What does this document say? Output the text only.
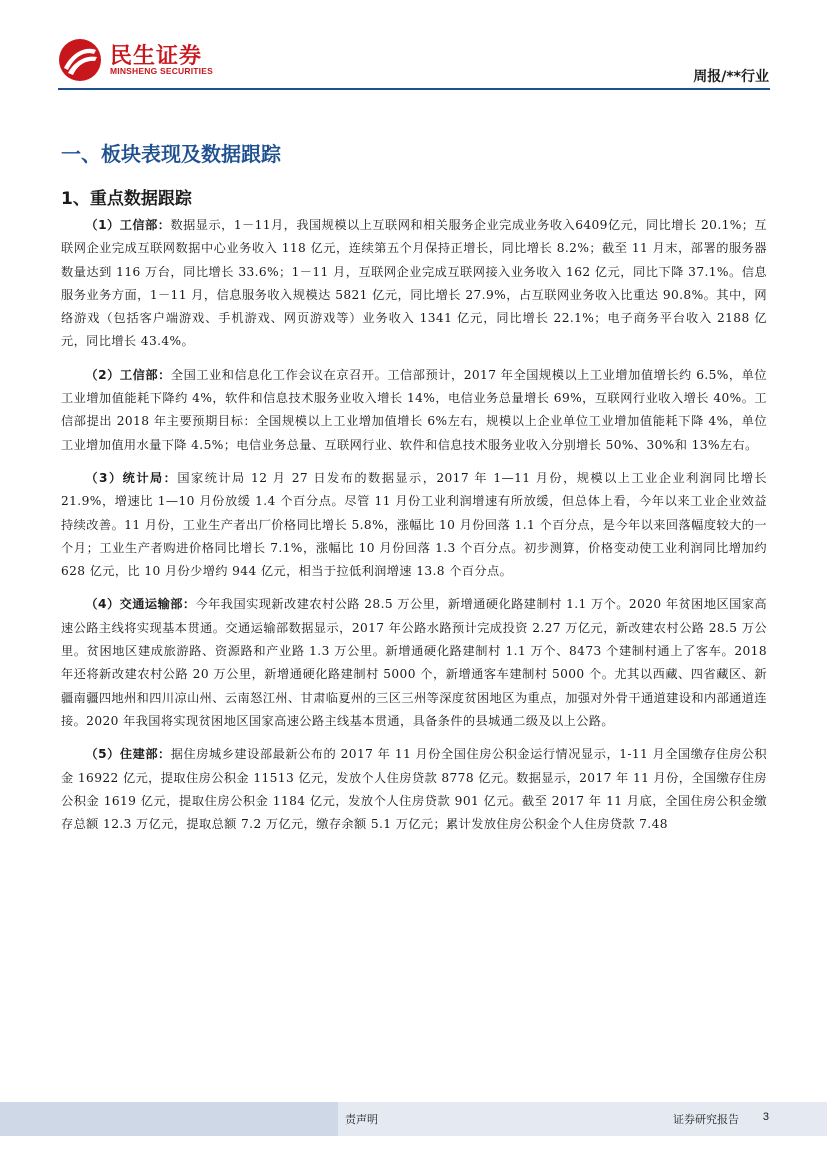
民生证券
MINSHENG SECURITIES	周报/**行业
一、板块表现及数据跟踪
1、重点数据跟踪

（1）工信部：数据显示，1－11月，我国规模以上互联网和相关服务企业完成业务收入6409亿元，同比增长 20.1%；互联网企业完成互联网数据中心业务收入 118 亿元，连续第五个月保持正增长，同比增长 8.2%；截至 11 月末，部署的服务器数量达到 116 万台，同比增长 33.6%；1－11 月，互联网企业完成互联网接入业务收入 162 亿元，同比下降 37.1%。信息服务业务方面，1－11 月，信息服务收入规模达 5821 亿元，同比增长 27.9%，占互联网业务收入比重达 90.8%。其中，网络游戏（包括客户端游戏、手机游戏、网页游戏等）业务收入 1341 亿元，同比增长 22.1%；电子商务平台收入 2188 亿元，同比增长 43.4%。

（2）工信部：全国工业和信息化工作会议在京召开。工信部预计，2017 年全国规模以上工业增加值增长约 6.5%，单位工业增加值能耗下降约 4%，软件和信息技术服务业收入增长 14%，电信业务总量增长 69%，互联网行业收入增长 40%。工信部提出 2018 年主要预期目标：全国规模以上工业增加值增长 6%左右，规模以上企业单位工业增加值能耗下降 4%，单位工业增加值用水量下降 4.5%；电信业务总量、互联网行业、软件和信息技术服务业收入分别增长 50%、30%和 13%左右。

（3）统计局：国家统计局 12 月 27 日发布的数据显示，2017 年 1—11 月份，规模以上工业企业利润同比增长 21.9%，增速比 1—10 月份放缓 1.4 个百分点。尽管 11 月份工业利润增速有所放缓，但总体上看，今年以来工业企业效益持续改善。11 月份，工业生产者出厂价格同比增长 5.8%，涨幅比 10 月份回落 1.1 个百分点，是今年以来回落幅度较大的一个月；工业生产者购进价格同比增长 7.1%，涨幅比 10 月份回落 1.3 个百分点。初步测算，价格变动使工业利润同比增加约 628 亿元，比 10 月份少增约 944 亿元，相当于拉低利润增速 13.8 个百分点。

（4）交通运输部：今年我国实现新改建农村公路 28.5 万公里，新增通硬化路建制村 1.1 万个。2020 年贫困地区国家高速公路主线将实现基本贯通。交通运输部数据显示，2017 年公路水路预计完成投资 2.27 万亿元，新改建农村公路 28.5 万公里。贫困地区建成旅游路、资源路和产业路 1.3 万公里。新增通硬化路建制村 1.1 万个、8473 个建制村通上了客车。2018 年还将新改建农村公路 20 万公里，新增通硬化路建制村 5000 个，新增通客车建制村 5000 个。尤其以西藏、四省藏区、新疆南疆四地州和四川凉山州、云南怒江州、甘肃临夏州的三区三州等深度贫困地区为重点，加强对外骨干通道建设和内部通道连接。2020 年我国将实现贫困地区国家高速公路主线基本贯通，具备条件的县城通二级及以上公路。

（5）住建部：据住房城乡建设部最新公布的 2017 年 11 月份全国住房公积金运行情况显示，1-11 月全国缴存住房公积金 16922 亿元，提取住房公积金 11513 亿元，发放个人住房贷款 8778 亿元。数据显示，2017 年 11 月份，全国缴存住房公积金 1619 亿元，提取住房公积金 1184 亿元，发放个人住房贷款 901 亿元。截至 2017 年 11 月底，全国住房公积金缴存总额 12.3 万亿元，提取总额 7.2 万亿元，缴存余额 5.1 万亿元；累计发放住房公积金个人住房贷款 7.48

责声明	证券研究报告 3
